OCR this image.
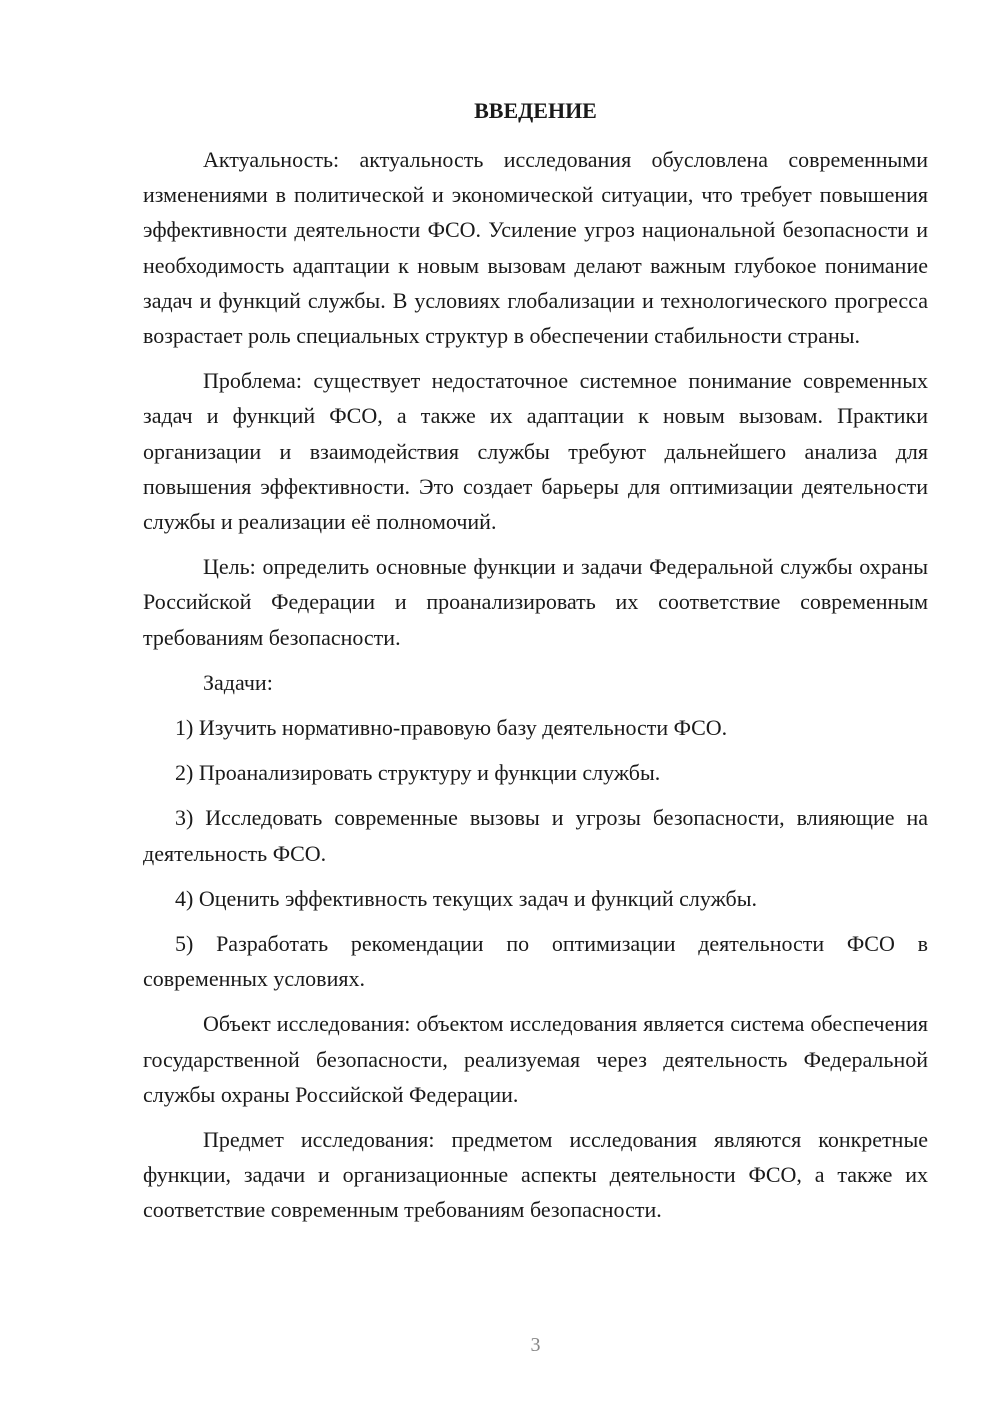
ВВЕДЕНИЕ

Актуальность: актуальность исследования обусловлена современными изменениями в политической и экономической ситуации, что требует повышения эффективности деятельности ФСО. Усиление угроз национальной безопасности и необходимость адаптации к новым вызовам делают важным глубокое понимание задач и функций службы. В условиях глобализации и технологического прогресса возрастает роль специальных структур в обеспечении стабильности страны.

Проблема: существует недостаточное системное понимание современных задач и функций ФСО, а также их адаптации к новым вызовам. Практики организации и взаимодействия службы требуют дальнейшего анализа для повышения эффективности. Это создает барьеры для оптимизации деятельности службы и реализации её полномочий.

Цель: определить основные функции и задачи Федеральной службы охраны Российской Федерации и проанализировать их соответствие современным требованиям безопасности.

Задачи:

1) Изучить нормативно-правовую базу деятельности ФСО.

2) Проанализировать структуру и функции службы.

3) Исследовать современные вызовы и угрозы безопасности, влияющие на деятельность ФСО.

4) Оценить эффективность текущих задач и функций службы.

5) Разработать рекомендации по оптимизации деятельности ФСО в современных условиях.

Объект исследования: объектом исследования является система обеспечения государственной безопасности, реализуемая через деятельность Федеральной службы охраны Российской Федерации.

Предмет исследования: предметом исследования являются конкретные функции, задачи и организационные аспекты деятельности ФСО, а также их соответствие современным требованиям безопасности.

3
